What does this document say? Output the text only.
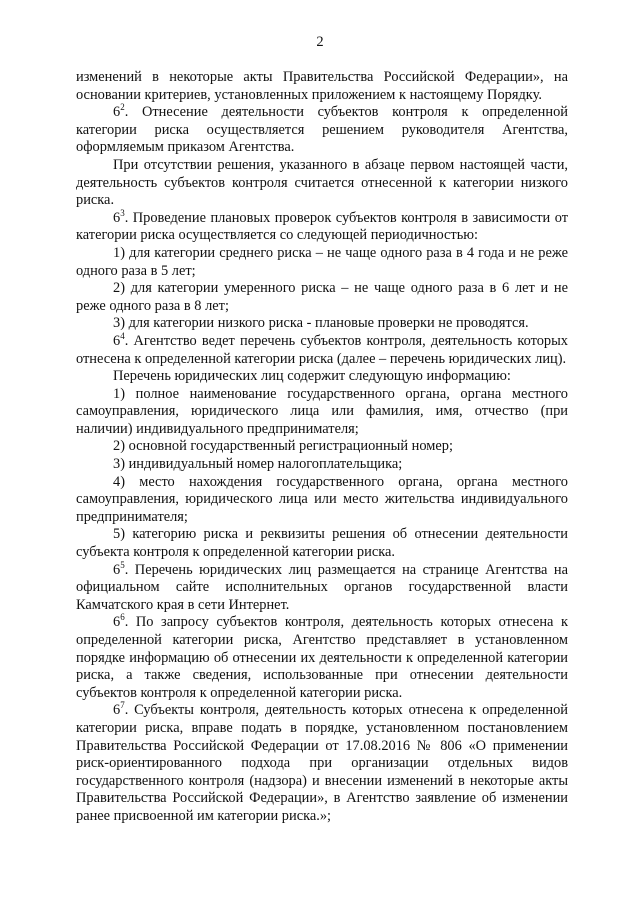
2

изменений в некоторые акты Правительства Российской Федерации», на основании критериев, установленных приложением к настоящему Порядку.

$6^2$. Отнесение деятельности субъектов контроля к определенной категории риска осуществляется решением руководителя Агентства, оформляемым приказом Агентства.

При отсутствии решения, указанного в абзаце первом настоящей части, деятельность субъектов контроля считается отнесенной к категории низкого риска.

$6^3$. Проведение плановых проверок субъектов контроля в зависимости от категории риска осуществляется со следующей периодичностью:

1) для категории среднего риска – не чаще одного раза в 4 года и не реже одного раза в 5 лет;

2) для категории умеренного риска – не чаще одного раза в 6 лет и не реже одного раза в 8 лет;

3) для категории низкого риска - плановые проверки не проводятся.

$6^4$. Агентство ведет перечень субъектов контроля, деятельность которых отнесена к определенной категории риска (далее – перечень юридических лиц).

Перечень юридических лиц содержит следующую информацию:

1) полное наименование государственного органа, органа местного самоуправления, юридического лица или фамилия, имя, отчество (при наличии) индивидуального предпринимателя;

2) основной государственный регистрационный номер;

3) индивидуальный номер налогоплательщика;

4) место нахождения государственного органа, органа местного самоуправления, юридического лица или место жительства индивидуального предпринимателя;

5) категорию риска и реквизиты решения об отнесении деятельности субъекта контроля к определенной категории риска.

$6^5$. Перечень юридических лиц размещается на странице Агентства на официальном сайте исполнительных органов государственной власти Камчатского края в сети Интернет.

$6^6$. По запросу субъектов контроля, деятельность которых отнесена к определенной категории риска, Агентство представляет в установленном порядке информацию об отнесении их деятельности к определенной категории риска, а также сведения, использованные при отнесении деятельности субъектов контроля к определенной категории риска.

$6^7$. Субъекты контроля, деятельность которых отнесена к определенной категории риска, вправе подать в порядке, установленном постановлением Правительства Российской Федерации от 17.08.2016 № 806 «О применении риск-ориентированного подхода при организации отдельных видов государственного контроля (надзора) и внесении изменений в некоторые акты Правительства Российской Федерации», в Агентство заявление об изменении ранее присвоенной им категории риска.»;
